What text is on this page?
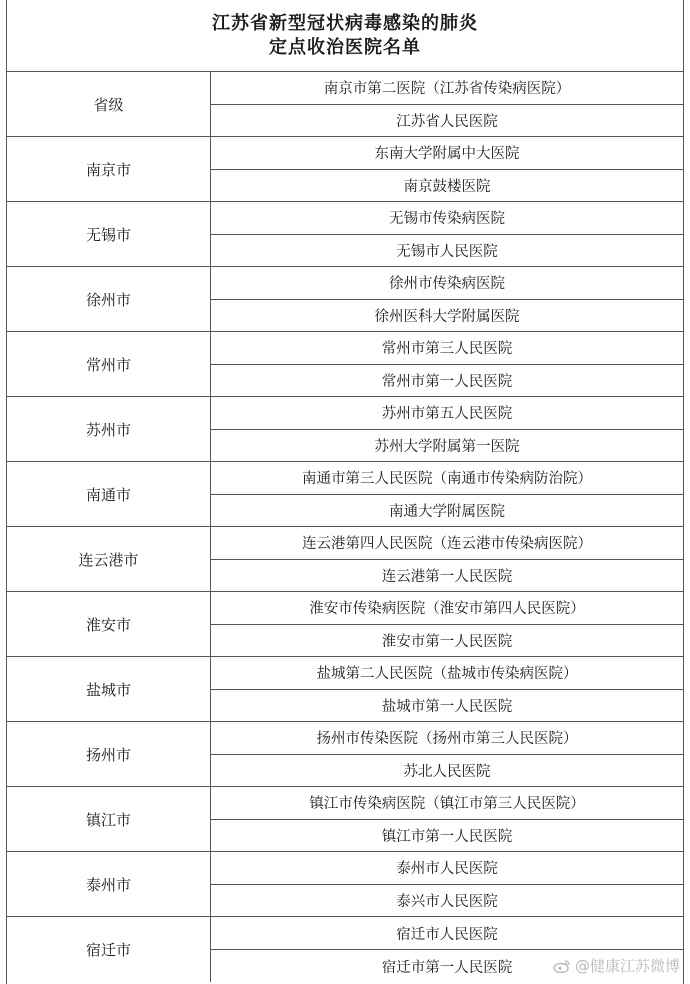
江苏省新型冠状病毒感染的肺炎
定点收治医院名单
省级
南京市第二医院（江苏省传染病医院）
江苏省人民医院
南京市
东南大学附属中大医院
南京鼓楼医院
无锡市
无锡市传染病医院
无锡市人民医院
徐州市
徐州市传染病医院
徐州医科大学附属医院
常州市
常州市第三人民医院
常州市第一人民医院
苏州市
苏州市第五人民医院
苏州大学附属第一医院
南通市
南通市第三人民医院（南通市传染病防治院）
南通大学附属医院
连云港市
连云港第四人民医院（连云港市传染病医院）
连云港第一人民医院
淮安市
淮安市传染病医院（淮安市第四人民医院）
淮安市第一人民医院
盐城市
盐城第二人民医院（盐城市传染病医院）
盐城市第一人民医院
扬州市
扬州市传染医院（扬州市第三人民医院）
苏北人民医院
镇江市
镇江市传染病医院（镇江市第三人民医院）
镇江市第一人民医院
泰州市
泰州市人民医院
泰兴市人民医院
宿迁市
宿迁市人民医院
宿迁市第一人民医院	@健康江苏微博
